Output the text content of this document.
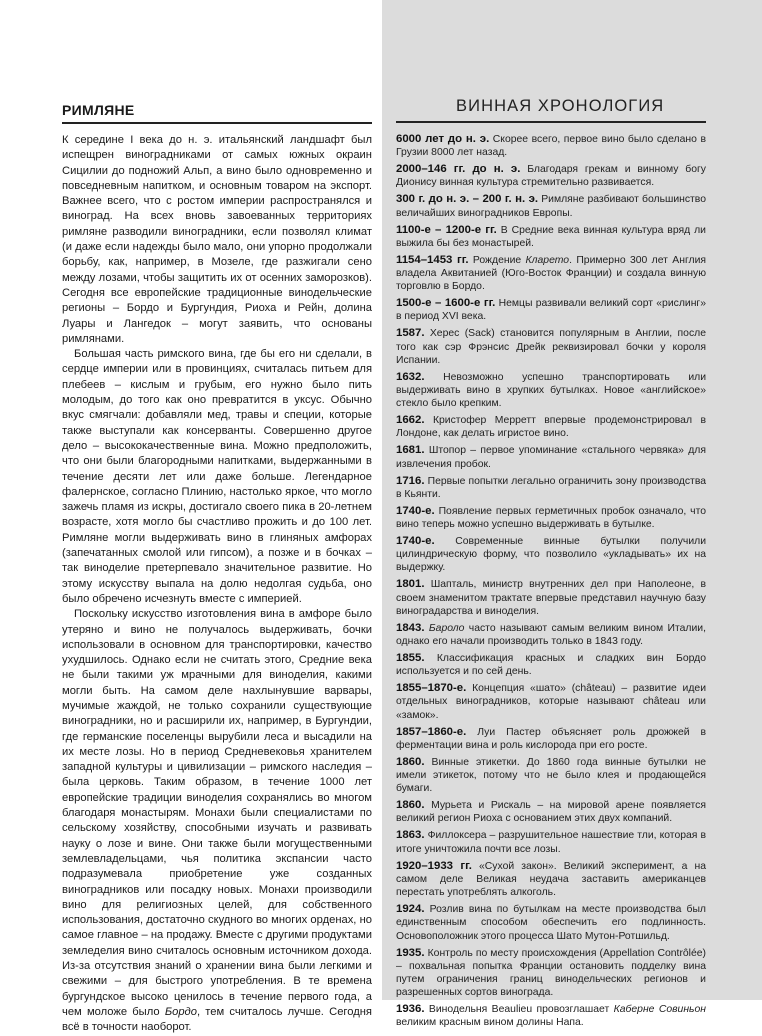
РИМЛЯНЕ

К середине I века до н. э. итальянский ландшафт был испещрен виноградниками от самых южных окраин Сицилии до подножий Альп, а вино было одновременно и повседневным напитком, и основным товаром на экспорт. Важнее всего, что с ростом империи распространялся и виноград. На всех вновь завоеванных территориях римляне разводили виноградники, если позволял климат (и даже если надежды было мало, они упорно продолжали борьбу, как, например, в Мозеле, где разжигали сено между лозами, чтобы защитить их от осенних заморозков). Сегодня все европейские традиционные винодельческие регионы – Бордо и Бургундия, Риоха и Рейн, долина Луары и Лангедок – могут заявить, что основаны римлянами.

Большая часть римского вина, где бы его ни сделали, в сердце империи или в провинциях, считалась питьем для плебеев – кислым и грубым, его нужно было пить молодым, до того как оно превратится в уксус. Обычно вкус смягчали: добавляли мед, травы и специи, которые также выступали как консерванты. Совершенно другое дело – высококачественные вина. Можно предположить, что они были благородными напитками, выдержанными в течение десяти лет или даже больше. Легендарное фалернское, согласно Плинию, настолько яркое, что могло зажечь пламя из искры, достигало своего пика в 20-летнем возрасте, хотя могло бы счастливо прожить и до 100 лет. Римляне могли выдерживать вино в глиняных амфорах (запечатанных смолой или гипсом), а позже и в бочках – так виноделие претерпевало значительное развитие. Но этому искусству выпала на долю недолгая судьба, оно было обречено исчезнуть вместе с империей.

Поскольку искусство изготовления вина в амфоре было утеряно и вино не получалось выдерживать, бочки использовали в основном для транспортировки, качество ухудшилось. Однако если не считать этого, Средние века не были такими уж мрачными для виноделия, какими могли быть. На самом деле нахлынувшие варвары, мучимые жаждой, не только сохранили существующие виноградники, но и расширили их, например, в Бургундии, где германские поселенцы вырубили леса и высадили на их месте лозы. Но в период Средневековья хранителем западной культуры и цивилизации – римского наследия – была церковь. Таким образом, в течение 1000 лет европейские традиции виноделия сохранялись во многом благодаря монастырям. Монахи были специалистами по сельскому хозяйству, способными изучать и развивать науку о лозе и вине. Они также были могущественными землевладельцами, чья политика экспансии часто подразумевала приобретение уже созданных виноградников или посадку новых. Монахи производили вино для религиозных целей, для собственного использования, достаточно скудного во многих орденах, но самое главное – на продажу. Вместе с другими продуктами земледелия вино считалось основным источником дохода. Из-за отсутствия знаний о хранении вина были легкими и свежими – для быстрого употребления. В те времена бургундское высоко ценилось в течение первого года, а чем моложе было Бордо, тем считалось лучше. Сегодня всё в точности наоборот.

ВИННАЯ ХРОНОЛОГИЯ

6000 лет до н. э. Скорее всего, первое вино было сделано в Грузии 8000 лет назад.

2000–146 гг. до н. э. Благодаря грекам и винному богу Дионису винная культура стремительно развивается.

300 г. до н. э. – 200 г. н. э. Римляне разбивают большинство величайших виноградников Европы.

1100-е – 1200-е гг. В Средние века винная культура вряд ли выжила бы без монастырей.

1154–1453 гг. Рождение Кларето. Примерно 300 лет Англия владела Аквитанией (Юго-Восток Франции) и создала винную торговлю в Бордо.

1500-е – 1600-е гг. Немцы развивали великий сорт «рислинг» в период XVI века.

1587. Херес (Sack) становится популярным в Англии, после того как сэр Фрэнсис Дрейк реквизировал бочки у короля Испании.

1632. Невозможно успешно транспортировать или выдерживать вино в хрупких бутылках. Новое «английское» стекло было крепким.

1662. Кристофер Мерретт впервые продемонстрировал в Лондоне, как делать игристое вино.

1681. Штопор – первое упоминание «стального червяка» для извлечения пробок.

1716. Первые попытки легально ограничить зону производства в Кьянти.

1740-е. Появление первых герметичных пробок означало, что вино теперь можно успешно выдерживать в бутылке.

1740-е. Современные винные бутылки получили цилиндрическую форму, что позволило «укладывать» их на выдержку.

1801. Шапталь, министр внутренних дел при Наполеоне, в своем знаменитом трактате впервые представил научную базу виноградарства и виноделия.

1843. Бароло часто называют самым великим вином Италии, однако его начали производить только в 1843 году.

1855. Классификация красных и сладких вин Бордо используется и по сей день.

1855–1870-е. Концепция «шато» (château) – развитие идеи отдельных виноградников, которые называют château или «замок».

1857–1860-е. Луи Пастер объясняет роль дрожжей в ферментации вина и роль кислорода при его росте.

1860. Винные этикетки. До 1860 года винные бутылки не имели этикеток, потому что не было клея и продающейся бумаги.

1860. Мурьета и Рискаль – на мировой арене появляется великий регион Риоха с основанием этих двух компаний.

1863. Филлоксера – разрушительное нашествие тли, которая в итоге уничтожила почти все лозы.

1920–1933 гг. «Сухой закон». Великий эксперимент, а на самом деле Великая неудача заставить американцев перестать употреблять алкоголь.

1924. Розлив вина по бутылкам на месте производства был единственным способом обеспечить его подлинность. Основоположник этого процесса Шато Мутон-Ротшильд.

1935. Контроль по месту происхождения (Appellation Contrôlée) – похвальная попытка Франции остановить подделку вина путем ограничения границ винодельческих регионов и разрешенных сортов винограда.

1936. Винодельня Beaulieu провозглашает Каберне Совиньон великим красным вином долины Напа.
